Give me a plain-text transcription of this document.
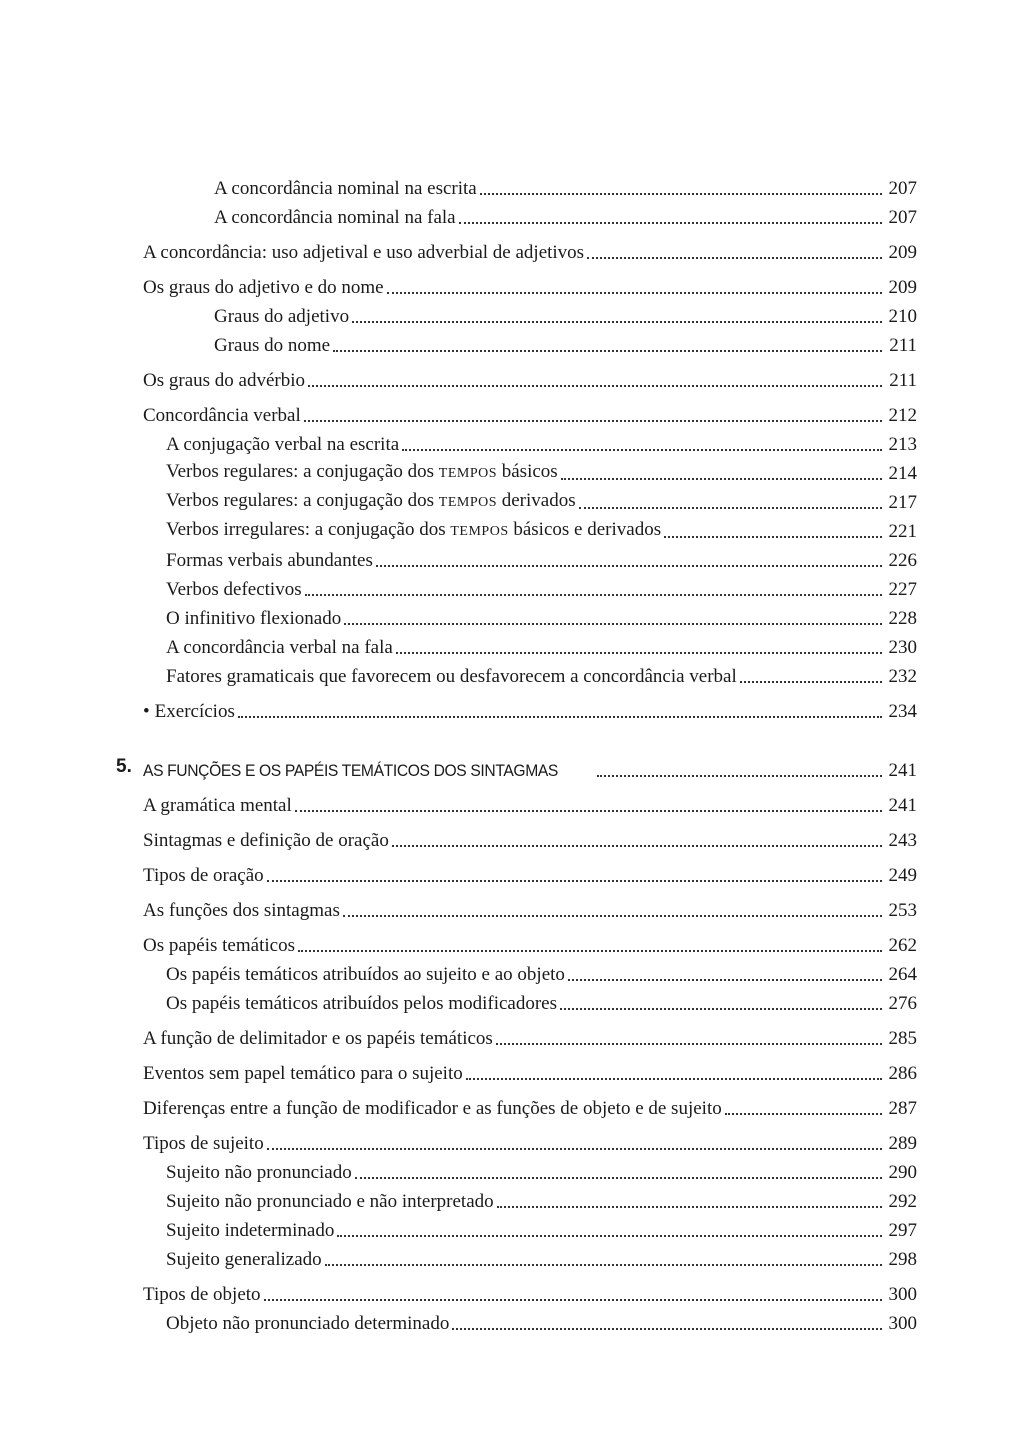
A concordância nominal na escrita	207
A concordância nominal na fala	207
A concordância: uso adjetival e uso adverbial de adjetivos	209
Os graus do adjetivo e do nome	209
Graus do adjetivo	210
Graus do nome	211
Os graus do advérbio	211
Concordância verbal	212
A conjugação verbal na escrita	213
Verbos regulares: a conjugação dos TEMPOS básicos	214
Verbos regulares: a conjugação dos TEMPOS derivados	217
Verbos irregulares: a conjugação dos TEMPOS básicos e derivados	221
Formas verbais abundantes	226
Verbos defectivos	227
O infinitivo flexionado	228
A concordância verbal na fala	230
Fatores gramaticais que favorecem ou desfavorecem a concordância verbal	232
• Exercícios	234
5. AS FUNÇÕES E OS PAPÉIS TEMÁTICOS DOS SINTAGMAS	241
A gramática mental	241
Sintagmas e definição de oração	243
Tipos de oração	249
As funções dos sintagmas	253
Os papéis temáticos	262
Os papéis temáticos atribuídos ao sujeito e ao objeto	264
Os papéis temáticos atribuídos pelos modificadores	276
A função de delimitador e os papéis temáticos	285
Eventos sem papel temático para o sujeito	286
Diferenças entre a função de modificador e as funções de objeto e de sujeito	287
Tipos de sujeito	289
Sujeito não pronunciado	290
Sujeito não pronunciado e não interpretado	292
Sujeito indeterminado	297
Sujeito generalizado	298
Tipos de objeto	300
Objeto não pronunciado determinado	300
